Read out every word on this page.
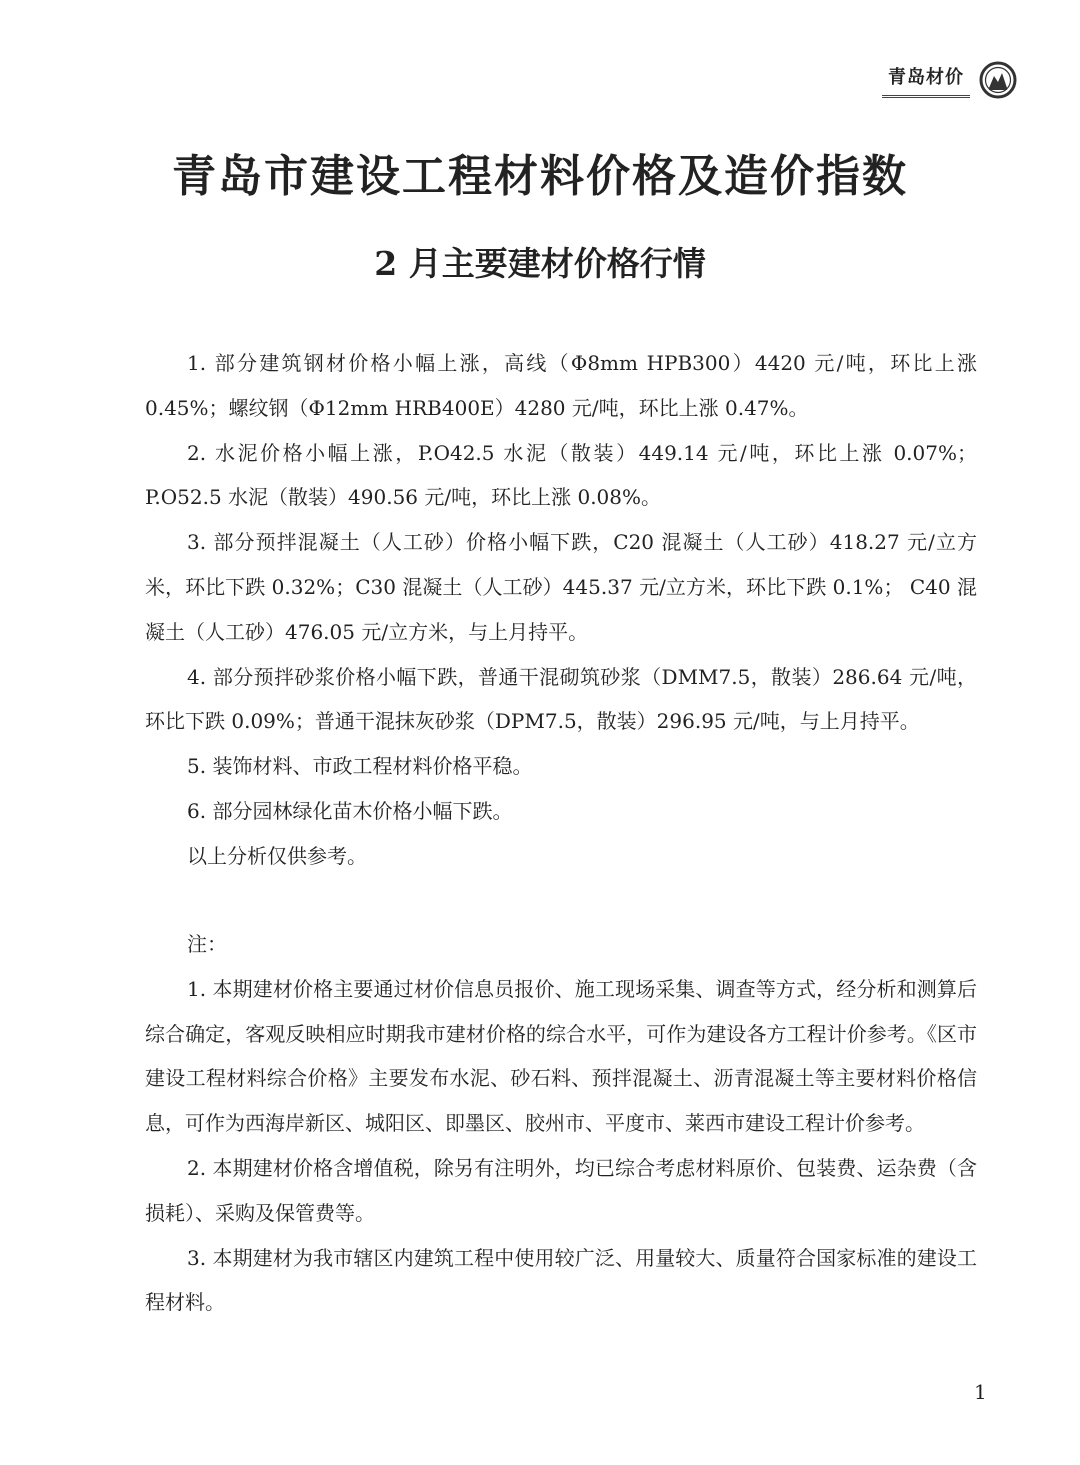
青岛材价
青岛市建设工程材料价格及造价指数
2 月主要建材价格行情

1. 部分建筑钢材价格小幅上涨，高线（Φ8mm HPB300）4420 元/吨，环比上涨 0.45%；螺纹钢（Φ12mm HRB400E）4280 元/吨，环比上涨 0.47%。

2. 水泥价格小幅上涨，P.O42.5 水泥（散装）449.14 元/吨，环比上涨 0.07%；P.O52.5 水泥（散装）490.56 元/吨，环比上涨 0.08%。

3. 部分预拌混凝土（人工砂）价格小幅下跌，C20 混凝土（人工砂）418.27 元/立方米，环比下跌 0.32%；C30 混凝土（人工砂）445.37 元/立方米，环比下跌 0.1%； C40 混凝土（人工砂）476.05 元/立方米，与上月持平。

4. 部分预拌砂浆价格小幅下跌，普通干混砌筑砂浆（DMM7.5，散装）286.64 元/吨，环比下跌 0.09%；普通干混抹灰砂浆（DPM7.5，散装）296.95 元/吨，与上月持平。

5. 装饰材料、市政工程材料价格平稳。

6. 部分园林绿化苗木价格小幅下跌。

以上分析仅供参考。

注：

1. 本期建材价格主要通过材价信息员报价、施工现场采集、调查等方式，经分析和测算后综合确定，客观反映相应时期我市建材价格的综合水平，可作为建设各方工程计价参考。《区市建设工程材料综合价格》主要发布水泥、砂石料、预拌混凝土、沥青混凝土等主要材料价格信息，可作为西海岸新区、城阳区、即墨区、胶州市、平度市、莱西市建设工程计价参考。

2. 本期建材价格含增值税，除另有注明外，均已综合考虑材料原价、包装费、运杂费（含损耗）、采购及保管费等。

3. 本期建材为我市辖区内建筑工程中使用较广泛、用量较大、质量符合国家标准的建设工程材料。

1
